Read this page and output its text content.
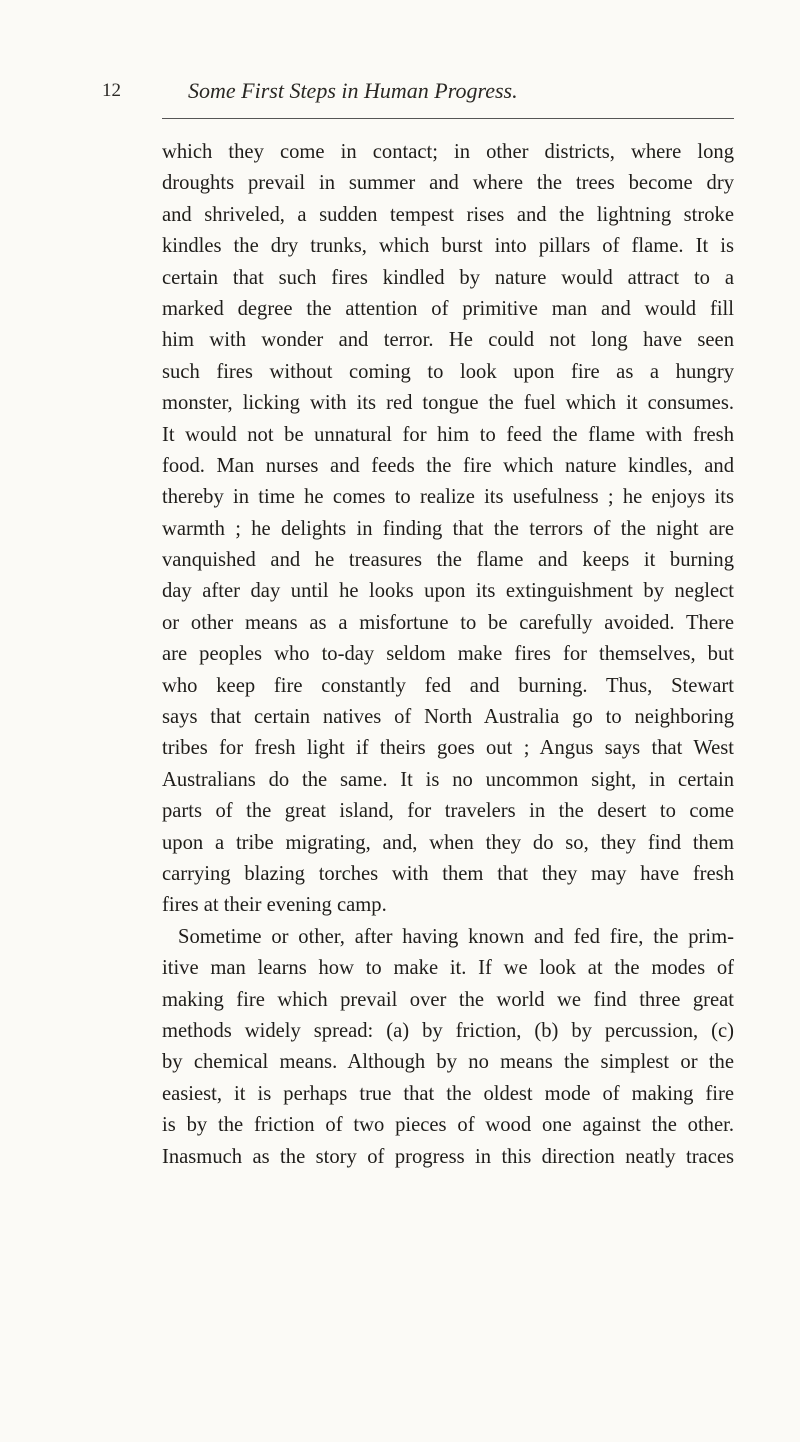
12	Some First Steps in Human Progress.
which they come in contact; in other districts, where long
droughts prevail in summer and where the trees become dry
and shriveled, a sudden tempest rises and the lightning stroke
kindles the dry trunks, which burst into pillars of flame. It is
certain that such fires kindled by nature would attract to a
marked degree the attention of primitive man and would fill
him with wonder and terror. He could not long have seen
such fires without coming to look upon fire as a hungry
monster, licking with its red tongue the fuel which it consumes.
It would not be unnatural for him to feed the flame with fresh
food. Man nurses and feeds the fire which nature kindles, and
thereby in time he comes to realize its usefulness ; he enjoys its
warmth ; he delights in finding that the terrors of the night are
vanquished and he treasures the flame and keeps it burning
day after day until he looks upon its extinguishment by neglect
or other means as a misfortune to be carefully avoided. There
are peoples who to-day seldom make fires for themselves, but
who keep fire constantly fed and burning. Thus, Stewart
says that certain natives of North Australia go to neighboring
tribes for fresh light if theirs goes out ; Angus says that West
Australians do the same. It is no uncommon sight, in certain
parts of the great island, for travelers in the desert to come
upon a tribe migrating, and, when they do so, they find them
carrying blazing torches with them that they may have fresh
fires at their evening camp.
Sometime or other, after having known and fed fire, the prim-
itive man learns how to make it. If we look at the modes of
making fire which prevail over the world we find three great
methods widely spread: (a) by friction, (b) by percussion, (c)
by chemical means. Although by no means the simplest or the
easiest, it is perhaps true that the oldest mode of making fire
is by the friction of two pieces of wood one against the other.
Inasmuch as the story of progress in this direction neatly traces
